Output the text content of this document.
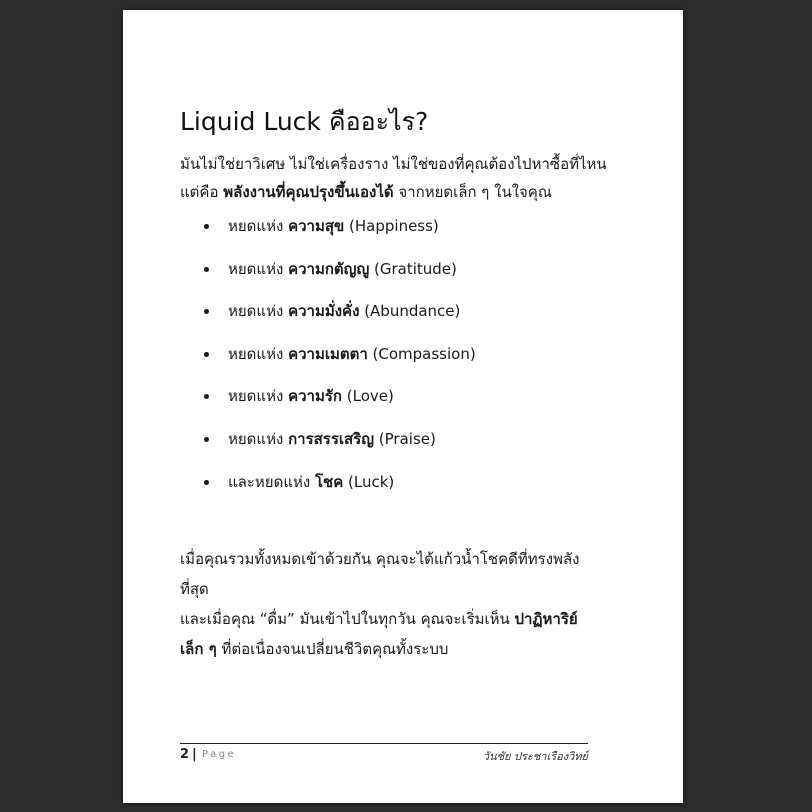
Liquid Luck คืออะไร?

มันไม่ใช่ยาวิเศษ ไม่ใช่เครื่องราง ไม่ใช่ของที่คุณต้องไปหาซื้อที่ไหน

แต่คือ พลังงานที่คุณปรุงขึ้นเองได้ จากหยดเล็ก ๆ ในใจคุณ

หยดแห่ง ความสุข (Happiness)
หยดแห่ง ความกตัญญู (Gratitude)
หยดแห่ง ความมั่งคั่ง (Abundance)
หยดแห่ง ความเมตตา (Compassion)
หยดแห่ง ความรัก (Love)
หยดแห่ง การสรรเสริญ (Praise)
และหยดแห่ง โชค (Luck)

เมื่อคุณรวมทั้งหมดเข้าด้วยกัน คุณจะได้แก้วน้ำโชคดีที่ทรงพลังที่สุด

และเมื่อคุณ “ดื่ม” มันเข้าไปในทุกวัน คุณจะเริ่มเห็น ปาฏิหาริย์เล็ก ๆ ที่ต่อเนื่องจนเปลี่ยนชีวิตคุณทั้งระบบ

2 | Page	วันชัย ประชาเรืองวิทย์
